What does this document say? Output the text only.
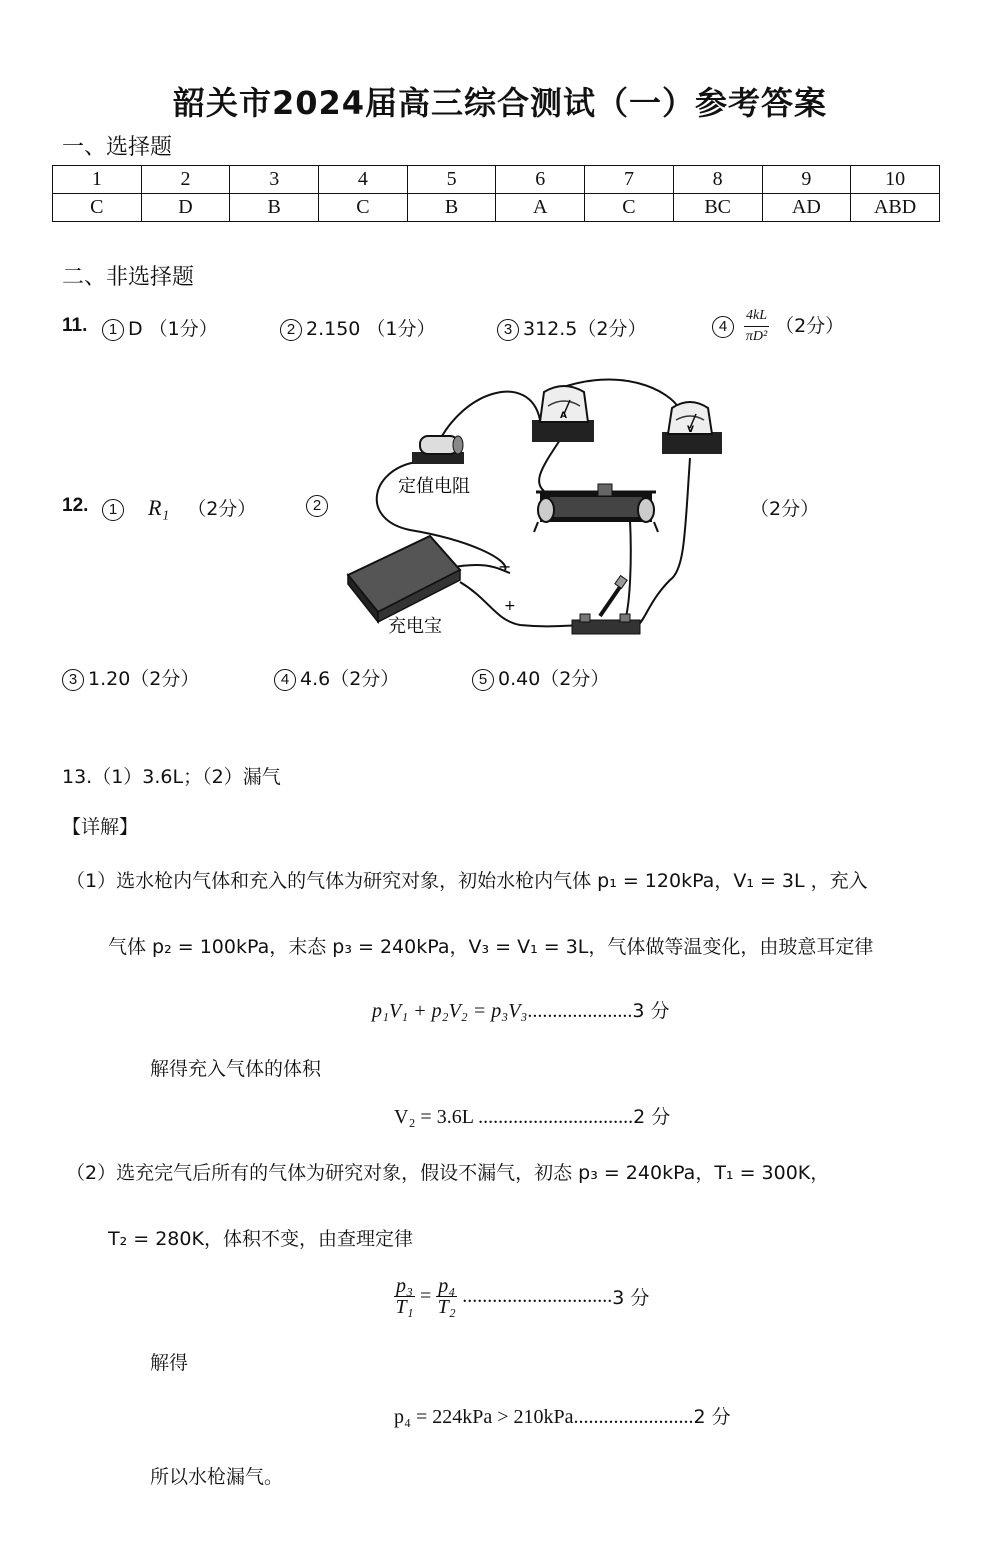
韶关市2024届高三综合测试（一）参考答案
一、选择题
1	2	3	4	5	6	7	8	9	10
C	D	B	C	B	A	C	BC	AD	ABD
二、非选择题
11.	1 D （1分）	2 2.150 （1分）	3 312.5（2分）	$4 \frac{4kL}{\text{πD²}} (2$分）
12.	1 R₁ （2分）	2	（2分）
定值电阻
A
V
充电宝
−
+
3 1.20（2分）	4 4.6（2分）	5 0.40（2分）
13.（1）3.6L；（2）漏气
【详解】
（1）选水枪内气体和充入的气体为研究对象，初始水枪内气体 p₁ = 120kPa，V₁ = 3L ，充入
气体 p₂ = 100kPa，末态 p₃ = 240kPa，V₃ = V₁ = 3L，气体做等温变化，由玻意耳定律
p₁V₁ + p₂V₂ = p₃V₃.....................3 分
解得充入气体的体积
V₂ = 3.6L ...............................2 分
（2）选充完气后所有的气体为研究对象，假设不漏气，初态 p₃ = 240kPa，T₁ = 300K，
T₂ = 280K，体积不变，由查理定律
$\frac{\text{p₃}}{\text{T₁}} = \frac{\text{p₄}}{\text{T₂}} ..............................3$ 分
解得
p₄ = 224kPa > 210kPa........................2 分
所以水枪漏气。
